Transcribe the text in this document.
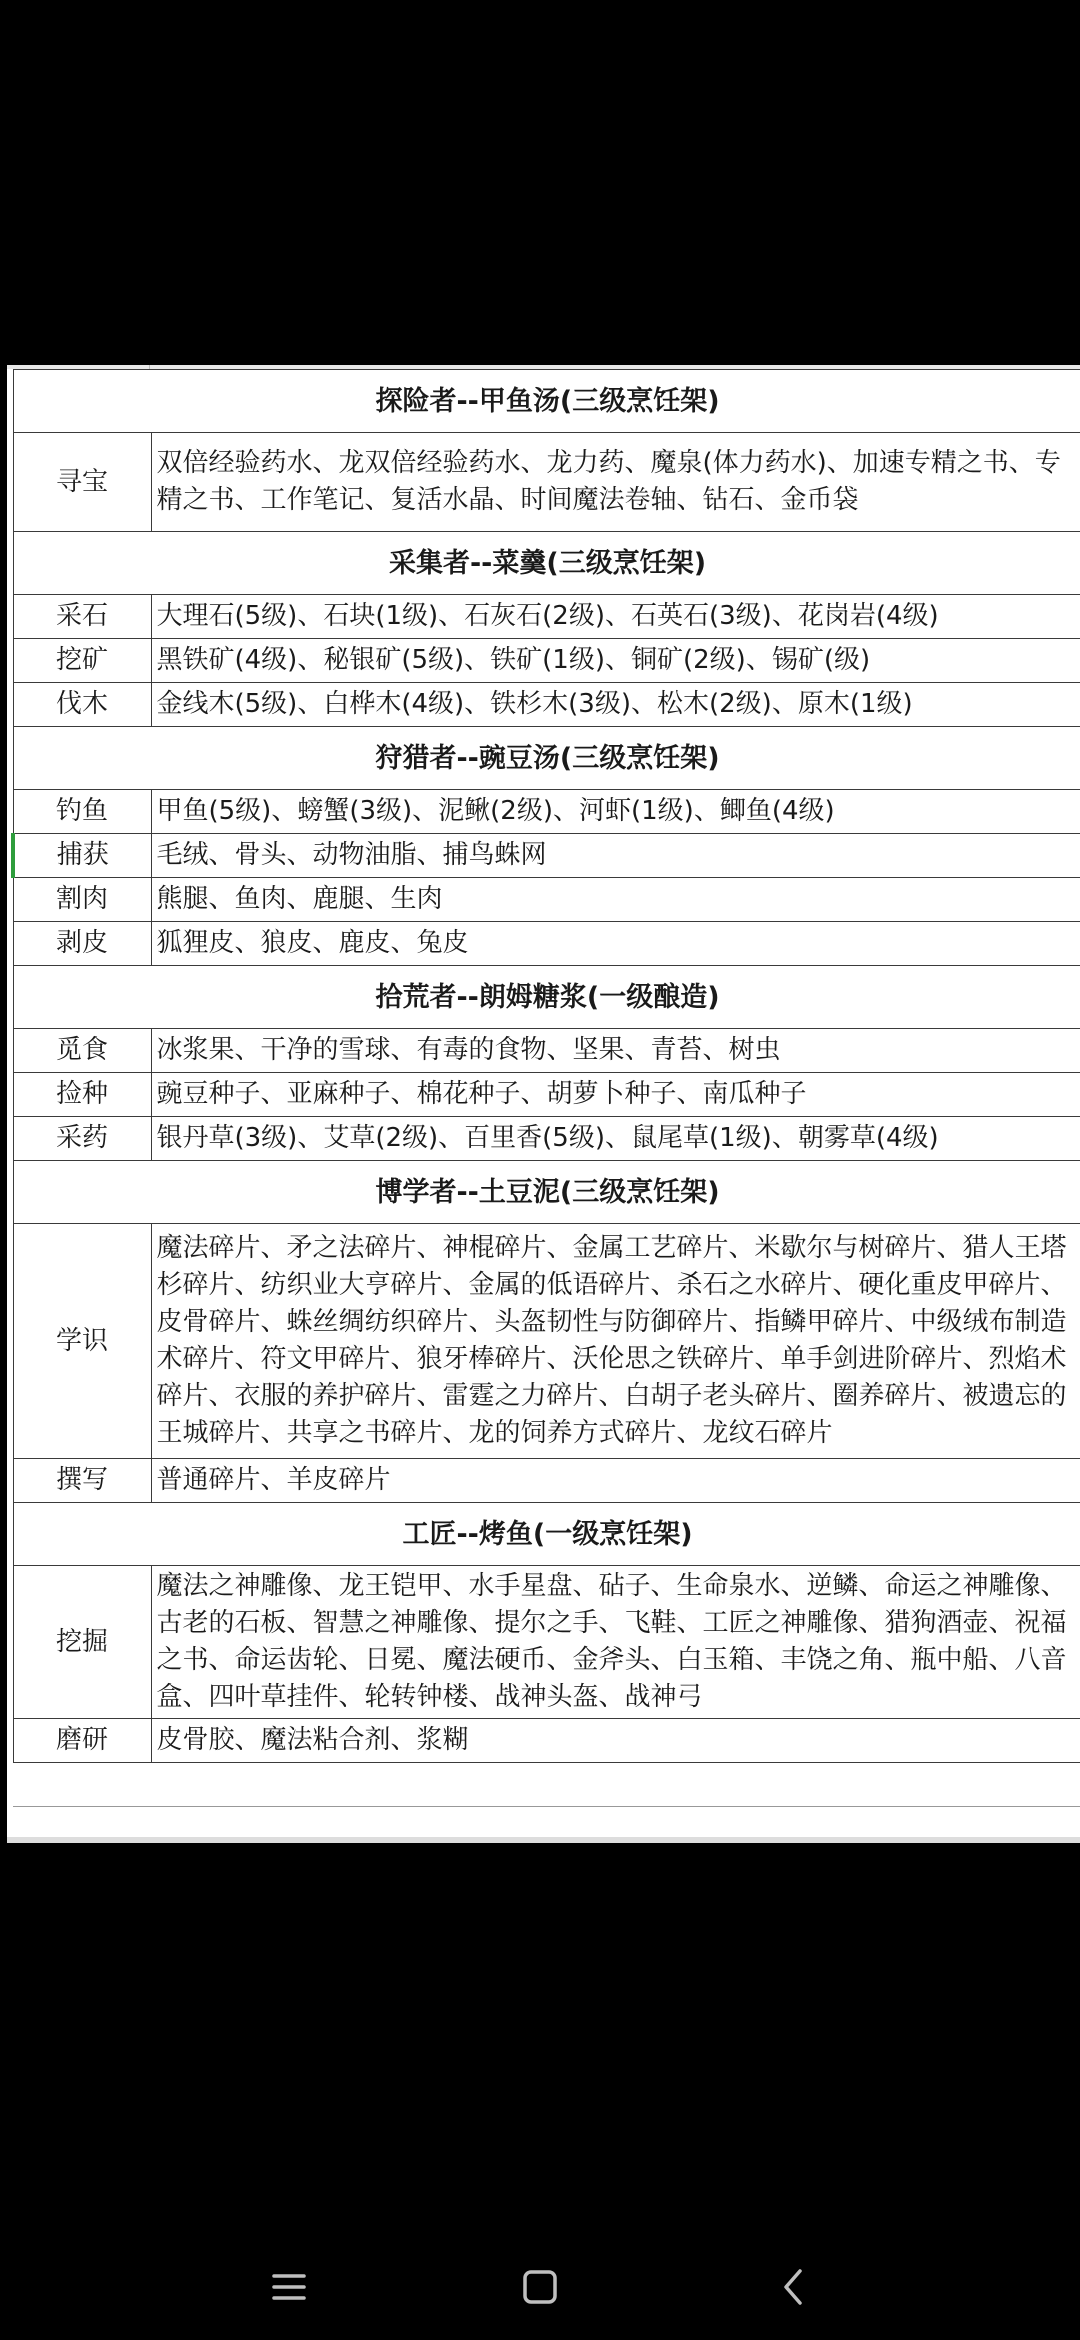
探险者--甲鱼汤(三级烹饪架)	
寻宝	双倍经验药水、龙双倍经验药水、龙力药、魔泉(体力药水)、加速专精之书、专精之书、工作笔记、复活水晶、时间魔法卷轴、钻石、金币袋
采集者--菜羹(三级烹饪架)	
采石	大理石(5级)、石块(1级)、石灰石(2级)、石英石(3级)、花岗岩(4级)
挖矿	黑铁矿(4级)、秘银矿(5级)、铁矿(1级)、铜矿(2级)、锡矿(级)
伐木	金线木(5级)、白桦木(4级)、铁杉木(3级)、松木(2级)、原木(1级)
狩猎者--豌豆汤(三级烹饪架)	
钓鱼	甲鱼(5级)、螃蟹(3级)、泥鳅(2级)、河虾(1级)、鲫鱼(4级)
捕获	毛绒、骨头、动物油脂、捕鸟蛛网
割肉	熊腿、鱼肉、鹿腿、生肉
剥皮	狐狸皮、狼皮、鹿皮、兔皮
拾荒者--朗姆糖浆(一级酿造)	
觅食	冰浆果、干净的雪球、有毒的食物、坚果、青苔、树虫
捡种	豌豆种子、亚麻种子、棉花种子、胡萝卜种子、南瓜种子
采药	银丹草(3级)、艾草(2级)、百里香(5级)、鼠尾草(1级)、朝雾草(4级)
博学者--土豆泥(三级烹饪架)	
学识	魔法碎片、矛之法碎片、神棍碎片、金属工艺碎片、米歇尔与树碎片、猎人王塔杉碎片、纺织业大亨碎片、金属的低语碎片、杀石之水碎片、硬化重皮甲碎片、皮骨碎片、蛛丝绸纺织碎片、头盔韧性与防御碎片、指鳞甲碎片、中级绒布制造术碎片、符文甲碎片、狼牙棒碎片、沃伦思之铁碎片、单手剑进阶碎片、烈焰术碎片、衣服的养护碎片、雷霆之力碎片、白胡子老头碎片、圈养碎片、被遗忘的王城碎片、共享之书碎片、龙的饲养方式碎片、龙纹石碎片
撰写	普通碎片、羊皮碎片
工匠--烤鱼(一级烹饪架)	
挖掘	魔法之神雕像、龙王铠甲、水手星盘、砧子、生命泉水、逆鳞、命运之神雕像、古老的石板、智慧之神雕像、提尔之手、飞鞋、工匠之神雕像、猎狗酒壶、祝福之书、命运齿轮、日冕、魔法硬币、金斧头、白玉箱、丰饶之角、瓶中船、八音盒、四叶草挂件、轮转钟楼、战神头盔、战神弓
磨研	皮骨胶、魔法粘合剂、浆糊
